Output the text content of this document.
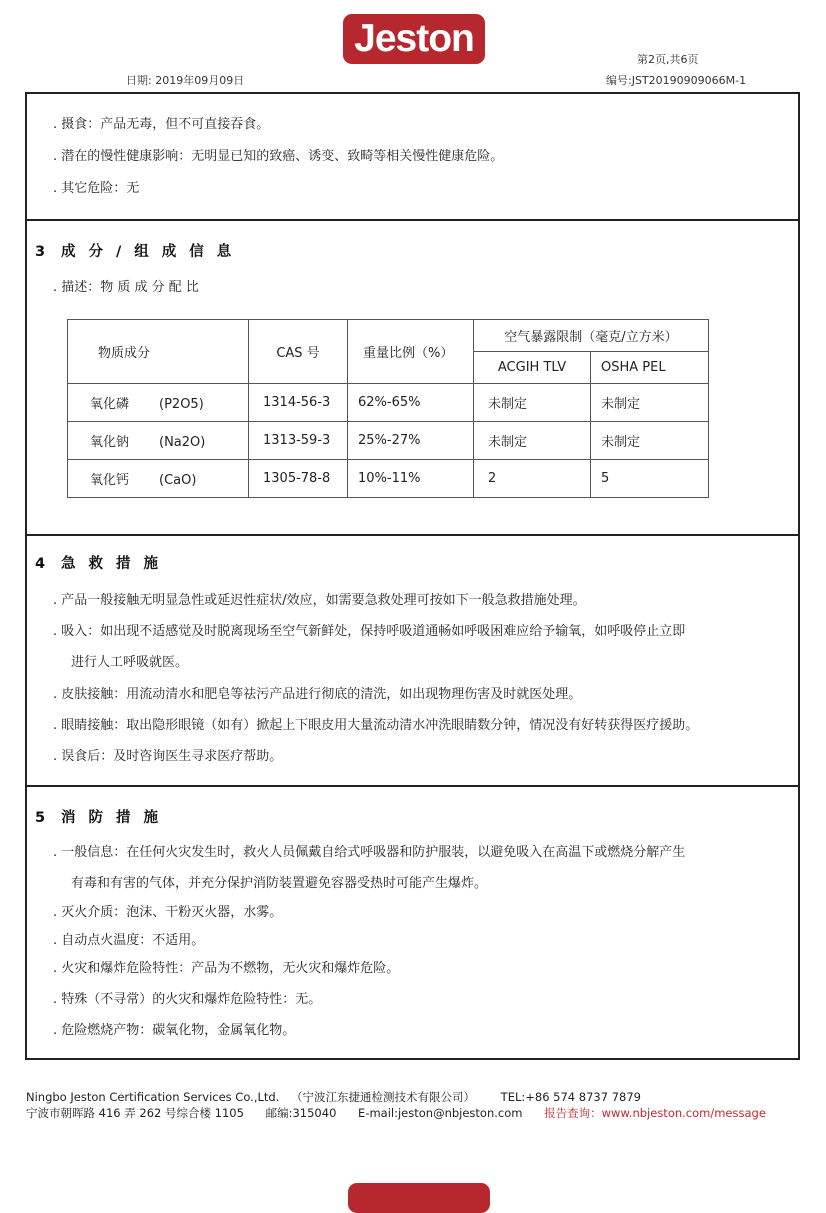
Jeston	第2页,共6页
日期: 2019年09月09日	编号:JST20190909066M-1
. 摄食：产品无毒，但不可直接吞食。
. 潜在的慢性健康影响：无明显已知的致癌、诱变、致畸等相关慢性健康危险。
. 其它危险：无
3 成分/组成信息
. 描述：物 质 成 分 配 比
物质成分	CAS 号	重量比例（%）	空气暴露限制（毫克/立方米）	
			ACGIH TLV	OSHA PEL
氧化磷 (P2O5)	1314-56-3	62%-65%	未制定	未制定
氧化钠 (Na2O)	1313-59-3	25%-27%	未制定	未制定
氧化钙 (CaO)	1305-78-8	10%-11%	2	5
4 急救措施
. 产品一般接触无明显急性或延迟性症状/效应，如需要急救处理可按如下一般急救措施处理。
. 吸入：如出现不适感觉及时脱离现场至空气新鲜处，保持呼吸道通畅如呼吸困难应给予输氧，如呼吸停止立即
进行人工呼吸就医。
. 皮肤接触：用流动清水和肥皂等祛污产品进行彻底的清洗，如出现物理伤害及时就医处理。
. 眼睛接触：取出隐形眼镜（如有）掀起上下眼皮用大量流动清水冲洗眼睛数分钟，情况没有好转获得医疗援助。
. 误食后：及时咨询医生寻求医疗帮助。
5 消防措施
. 一般信息：在任何火灾发生时，救火人员佩戴自给式呼吸器和防护服装，以避免吸入在高温下或燃烧分解产生
有毒和有害的气体，并充分保护消防装置避免容器受热时可能产生爆炸。
. 灭火介质：泡沫、干粉灭火器，水雾。
. 自动点火温度：不适用。
. 火灾和爆炸危险特性：产品为不燃物，无火灾和爆炸危险。
. 特殊（不寻常）的火灾和爆炸危险特性：无。
. 危险燃烧产物：碳氧化物，金属氧化物。
Ningbo Jeston Certification Services Co.,Ltd. （宁波江东捷通检测技术有限公司） TEL:+86 574 8737 7879
宁波市朝晖路 416 弄 262 号综合楼 1105 邮编:315040 E-mail:jeston@nbjeston.com 报告查询：www.nbjeston.com/message
